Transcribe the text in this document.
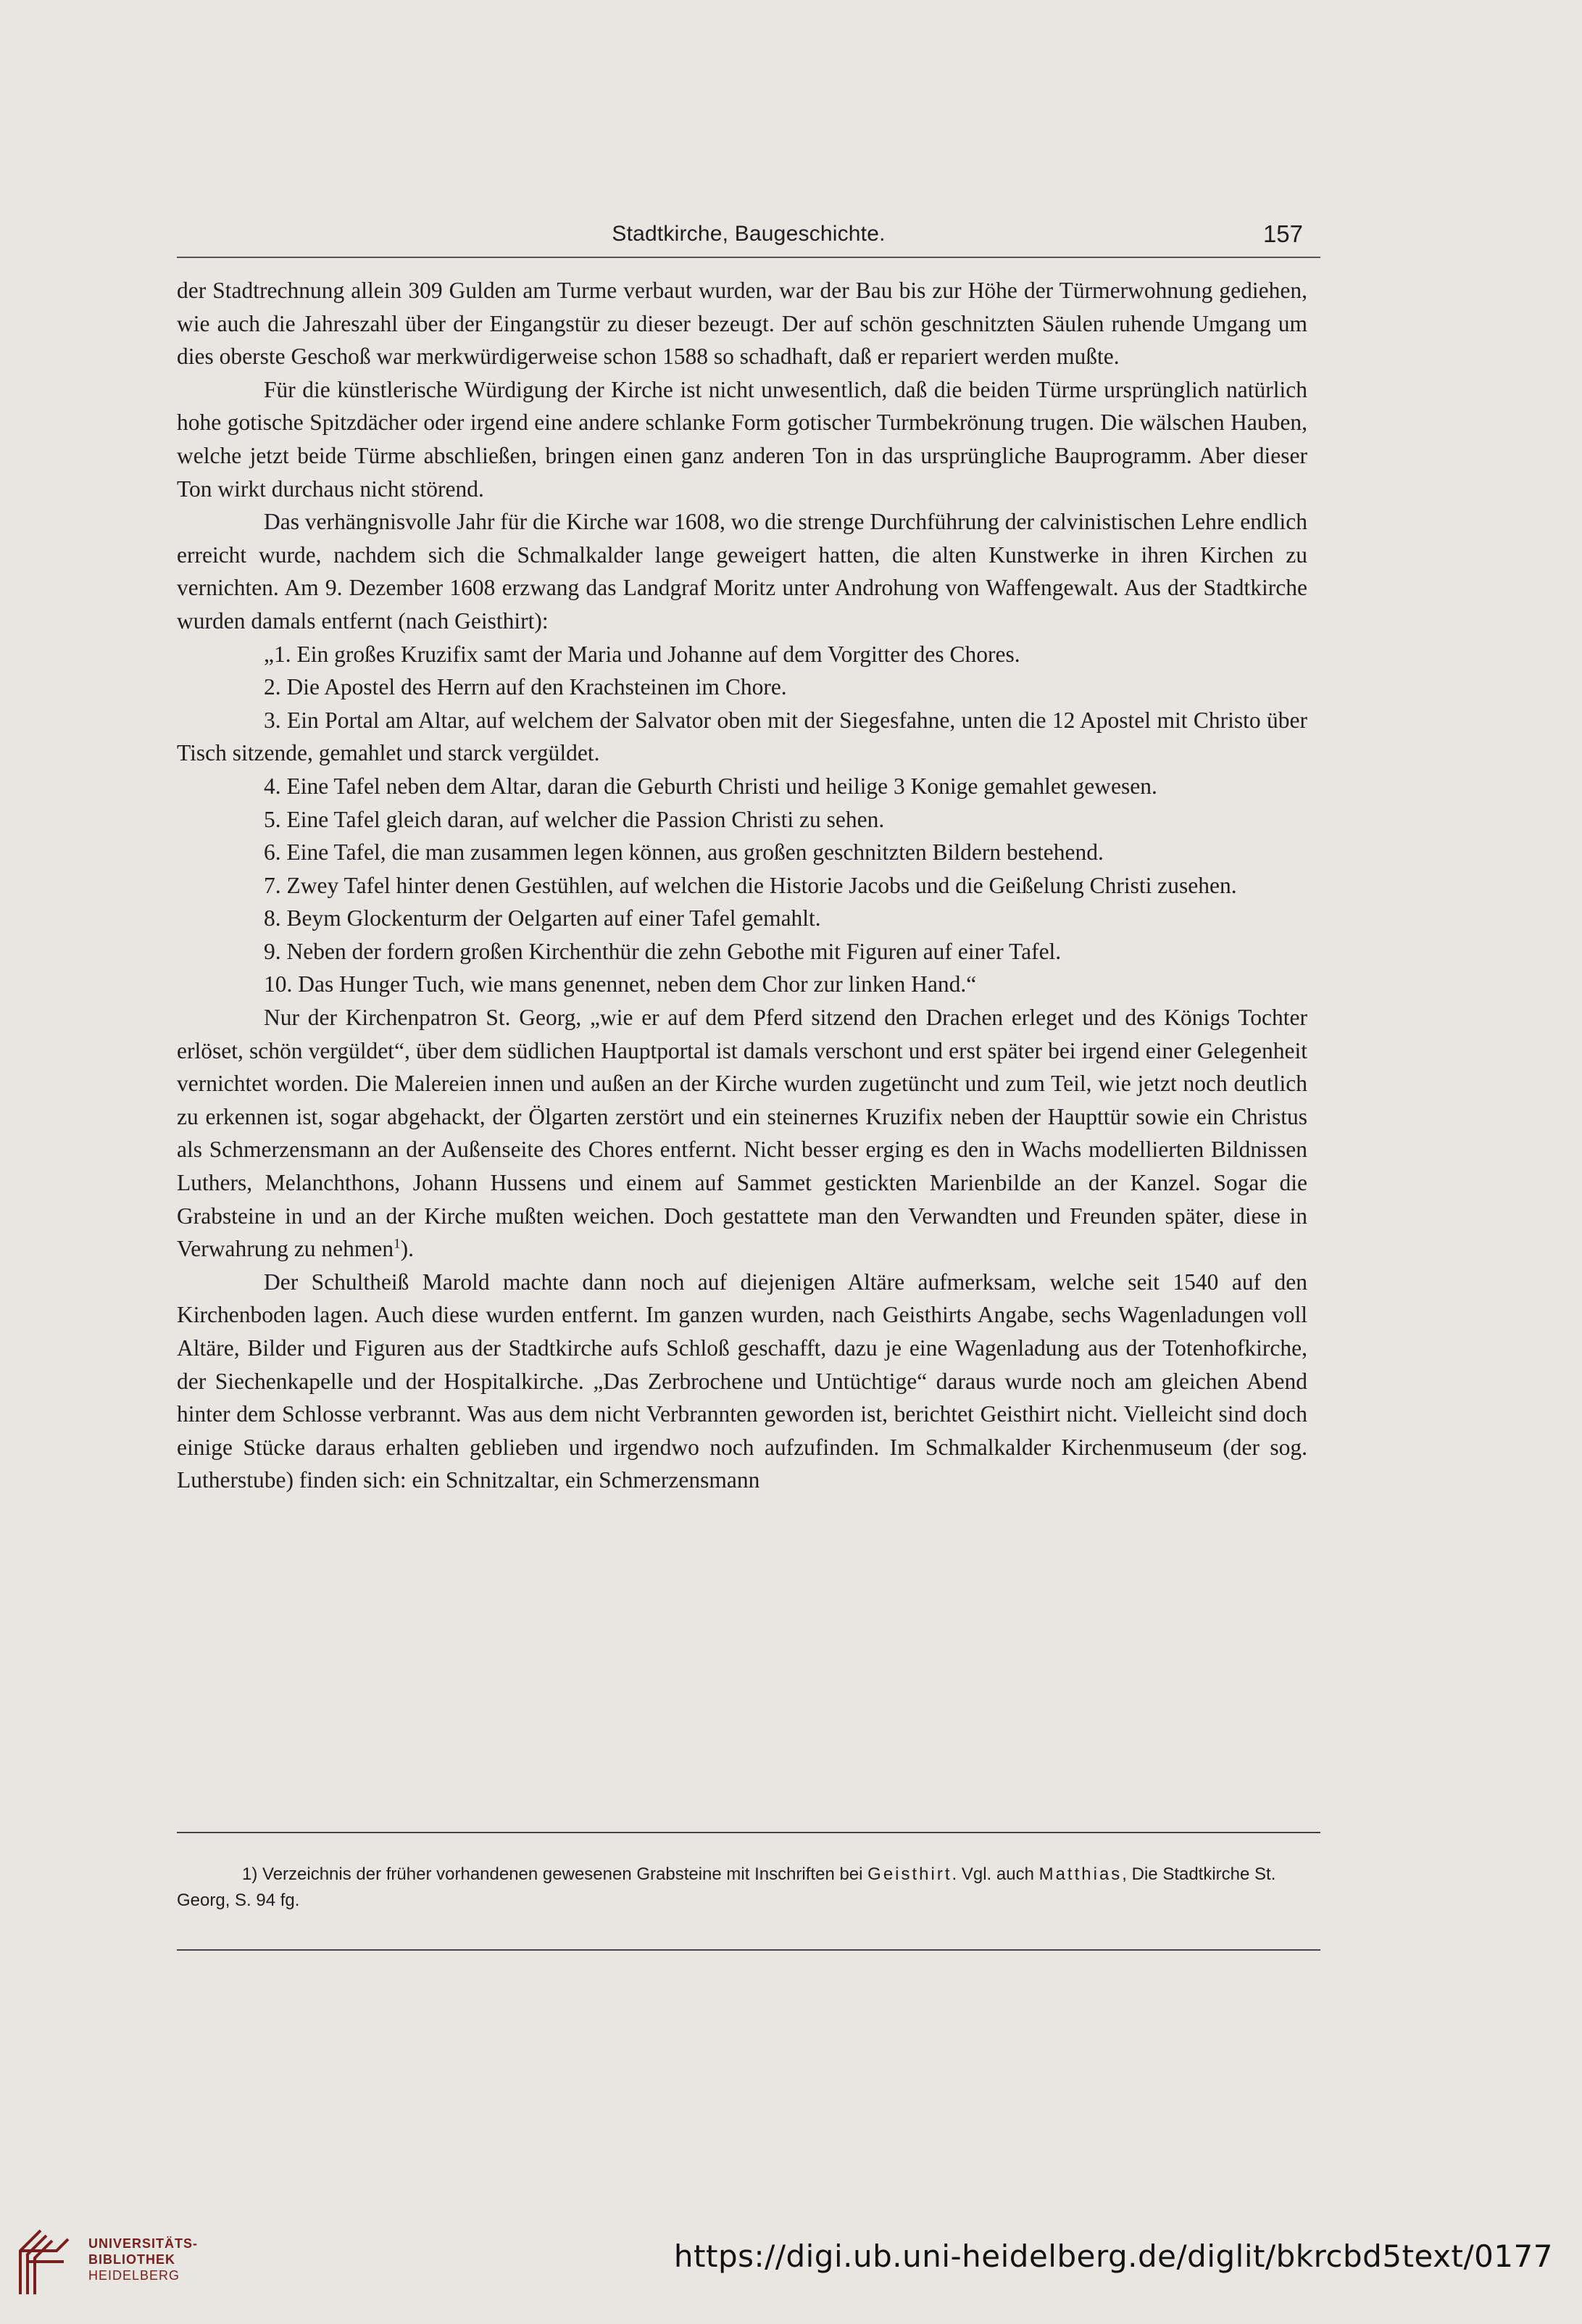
Stadtkirche, Baugeschichte.	157

der Stadtrechnung allein 309 Gulden am Turme verbaut wurden, war der Bau bis zur Höhe der Türmerwohnung gediehen, wie auch die Jahreszahl über der Eingangstür zu dieser bezeugt. Der auf schön geschnitzten Säulen ruhende Umgang um dies oberste Geschoß war merkwürdigerweise schon 1588 so schadhaft, daß er repariert werden mußte.

Für die künstlerische Würdigung der Kirche ist nicht unwesentlich, daß die beiden Türme ursprünglich natürlich hohe gotische Spitzdächer oder irgend eine andere schlanke Form gotischer Turmbekrönung trugen. Die wälschen Hauben, welche jetzt beide Türme abschließen, bringen einen ganz anderen Ton in das ursprüngliche Bauprogramm. Aber dieser Ton wirkt durchaus nicht störend.

Das verhängnisvolle Jahr für die Kirche war 1608, wo die strenge Durchführung der calvinistischen Lehre endlich erreicht wurde, nachdem sich die Schmalkalder lange geweigert hatten, die alten Kunstwerke in ihren Kirchen zu vernichten. Am 9. Dezember 1608 erzwang das Landgraf Moritz unter Androhung von Waffengewalt. Aus der Stadtkirche wurden damals entfernt (nach Geisthirt):

„1. Ein großes Kruzifix samt der Maria und Johanne auf dem Vorgitter des Chores.

2. Die Apostel des Herrn auf den Krachsteinen im Chore.

3. Ein Portal am Altar, auf welchem der Salvator oben mit der Siegesfahne, unten die 12 Apostel mit Christo über Tisch sitzende, gemahlet und starck vergüldet.

4. Eine Tafel neben dem Altar, daran die Geburth Christi und heilige 3 Konige gemahlet gewesen.

5. Eine Tafel gleich daran, auf welcher die Passion Christi zu sehen.

6. Eine Tafel, die man zusammen legen können, aus großen geschnitzten Bildern bestehend.

7. Zwey Tafel hinter denen Gestühlen, auf welchen die Historie Jacobs und die Geißelung Christi zusehen.

8. Beym Glockenturm der Oelgarten auf einer Tafel gemahlt.

9. Neben der fordern großen Kirchenthür die zehn Gebothe mit Figuren auf einer Tafel.

10. Das Hunger Tuch, wie mans genennet, neben dem Chor zur linken Hand.“

Nur der Kirchenpatron St. Georg, „wie er auf dem Pferd sitzend den Drachen erleget und des Königs Tochter erlöset, schön vergüldet“, über dem südlichen Hauptportal ist damals verschont und erst später bei irgend einer Gelegenheit vernichtet worden. Die Malereien innen und außen an der Kirche wurden zugetüncht und zum Teil, wie jetzt noch deutlich zu erkennen ist, sogar abgehackt, der Ölgarten zerstört und ein steinernes Kruzifix neben der Haupttür sowie ein Christus als Schmerzensmann an der Außenseite des Chores entfernt. Nicht besser erging es den in Wachs modellierten Bildnissen Luthers, Melanchthons, Johann Hussens und einem auf Sammet gestickten Marienbilde an der Kanzel. Sogar die Grabsteine in und an der Kirche mußten weichen. Doch gestattete man den Verwandten und Freunden später, diese in Verwahrung zu nehmen$^1$).

Der Schultheiß Marold machte dann noch auf diejenigen Altäre aufmerksam, welche seit 1540 auf den Kirchenboden lagen. Auch diese wurden entfernt. Im ganzen wurden, nach Geisthirts Angabe, sechs Wagenladungen voll Altäre, Bilder und Figuren aus der Stadtkirche aufs Schloß geschafft, dazu je eine Wagenladung aus der Totenhofkirche, der Siechenkapelle und der Hospitalkirche. „Das Zerbrochene und Untüchtige“ daraus wurde noch am gleichen Abend hinter dem Schlosse verbrannt. Was aus dem nicht Verbrannten geworden ist, berichtet Geisthirt nicht. Vielleicht sind doch einige Stücke daraus erhalten geblieben und irgendwo noch aufzufinden. Im Schmalkalder Kirchenmuseum (der sog. Lutherstube) finden sich: ein Schnitzaltar, ein Schmerzensmann

1) Verzeichnis der früher vorhandenen gewesenen Grabsteine mit Inschriften bei Geisthirt. Vgl. auch Matthias, Die Stadtkirche St. Georg, S. 94 fg.

UNIVERSITÄTS-
BIBLIOTHEK
HEIDELBERG
https://digi.ub.uni-heidelberg.de/diglit/bkrcbd5text/0177
